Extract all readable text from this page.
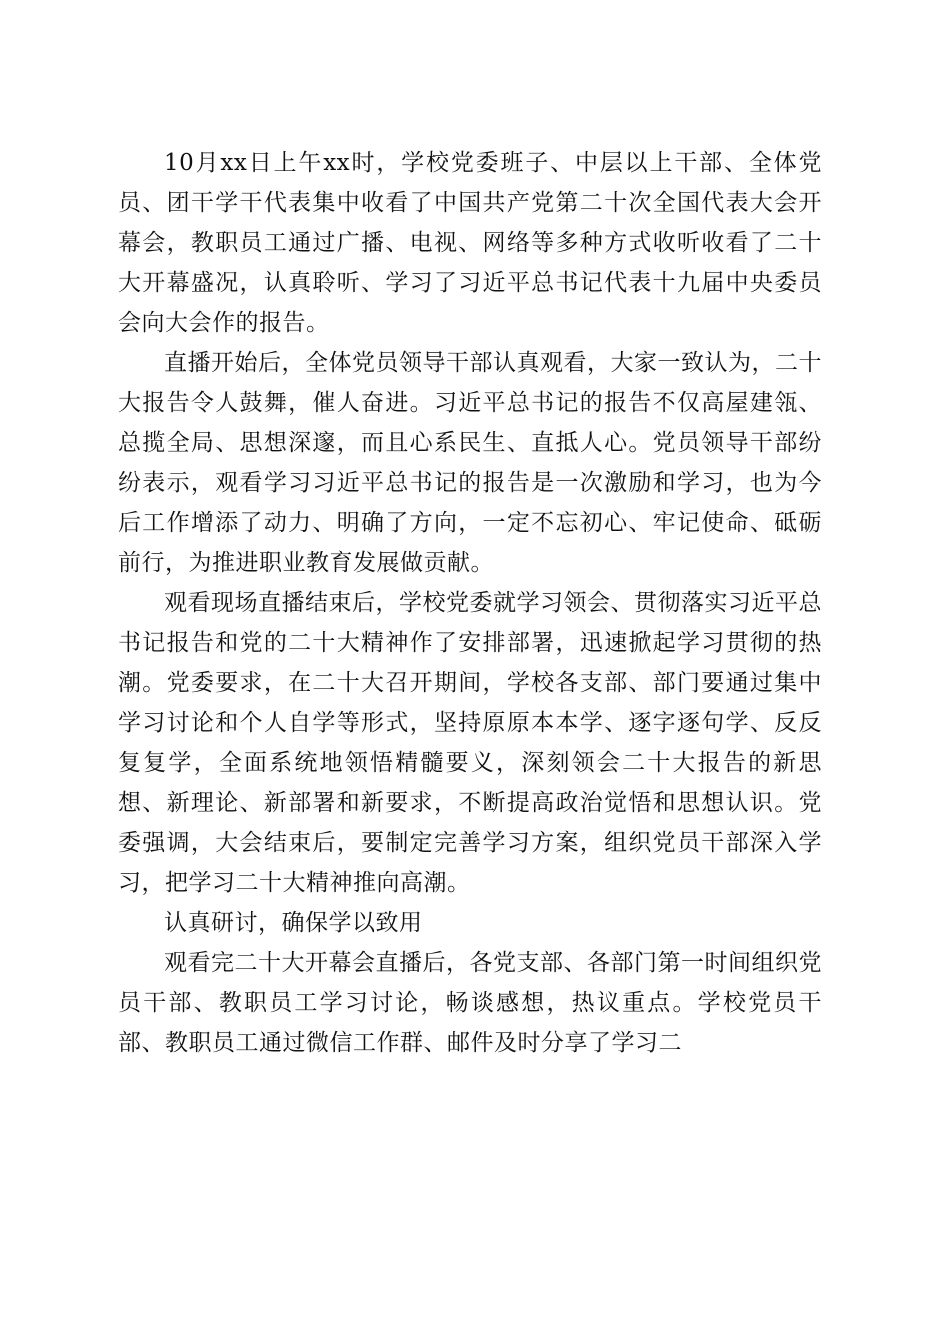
10月xx日上午xx时，学校党委班子、中层以上干部、全体党员、团干学干代表集中收看了中国共产党第二十次全国代表大会开幕会，教职员工通过广播、电视、网络等多种方式收听收看了二十大开幕盛况，认真聆听、学习了习近平总书记代表十九届中央委员会向大会作的报告。

直播开始后，全体党员领导干部认真观看，大家一致认为，二十大报告令人鼓舞，催人奋进。习近平总书记的报告不仅高屋建瓴、总揽全局、思想深邃，而且心系民生、直抵人心。党员领导干部纷纷表示，观看学习习近平总书记的报告是一次激励和学习，也为今后工作增添了动力、明确了方向，一定不忘初心、牢记使命、砥砺前行，为推进职业教育发展做贡献。

观看现场直播结束后，学校党委就学习领会、贯彻落实习近平总书记报告和党的二十大精神作了安排部署，迅速掀起学习贯彻的热潮。党委要求，在二十大召开期间，学校各支部、部门要通过集中学习讨论和个人自学等形式，坚持原原本本学、逐字逐句学、反反复复学，全面系统地领悟精髓要义，深刻领会二十大报告的新思想、新理论、新部署和新要求，不断提高政治觉悟和思想认识。党委强调，大会结束后，要制定完善学习方案，组织党员干部深入学习，把学习二十大精神推向高潮。

认真研讨，确保学以致用

观看完二十大开幕会直播后，各党支部、各部门第一时间组织党员干部、教职员工学习讨论，畅谈感想，热议重点。学校党员干部、教职员工通过微信工作群、邮件及时分享了学习二
